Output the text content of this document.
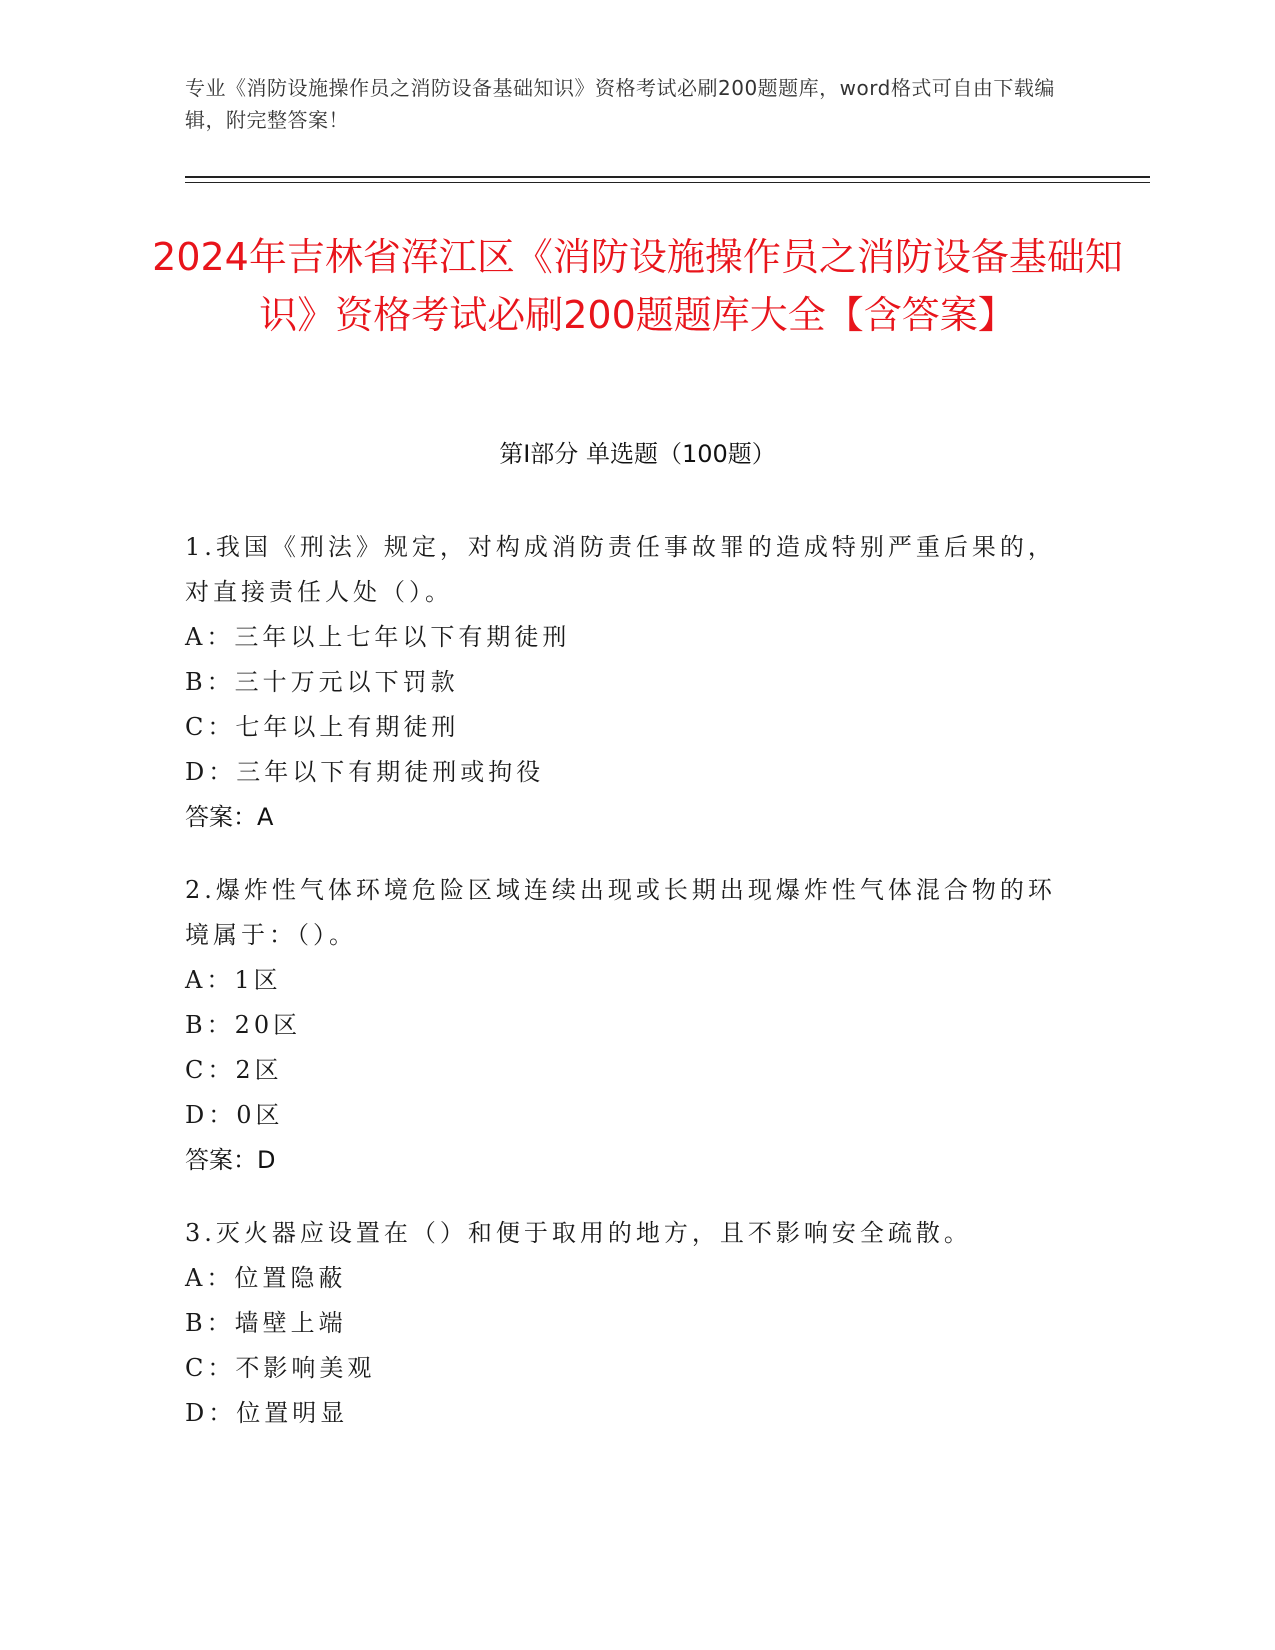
专业《消防设施操作员之消防设备基础知识》资格考试必刷200题题库，word格式可自由下载编辑，附完整答案！
2024年吉林省浑江区《消防设施操作员之消防设备基础知识》资格考试必刷200题题库大全【含答案】
第I部分 单选题（100题）
1.我国《刑法》规定，对构成消防责任事故罪的造成特别严重后果的，对直接责任人处（）。
A：三年以上七年以下有期徒刑
B：三十万元以下罚款
C：七年以上有期徒刑
D：三年以下有期徒刑或拘役
答案：A
2.爆炸性气体环境危险区域连续出现或长期出现爆炸性气体混合物的环境属于：（）。
A：1区
B：20区
C：2区
D：0区
答案：D
3.灭火器应设置在（）和便于取用的地方，且不影响安全疏散。
A：位置隐蔽
B：墙壁上端
C：不影响美观
D：位置明显
